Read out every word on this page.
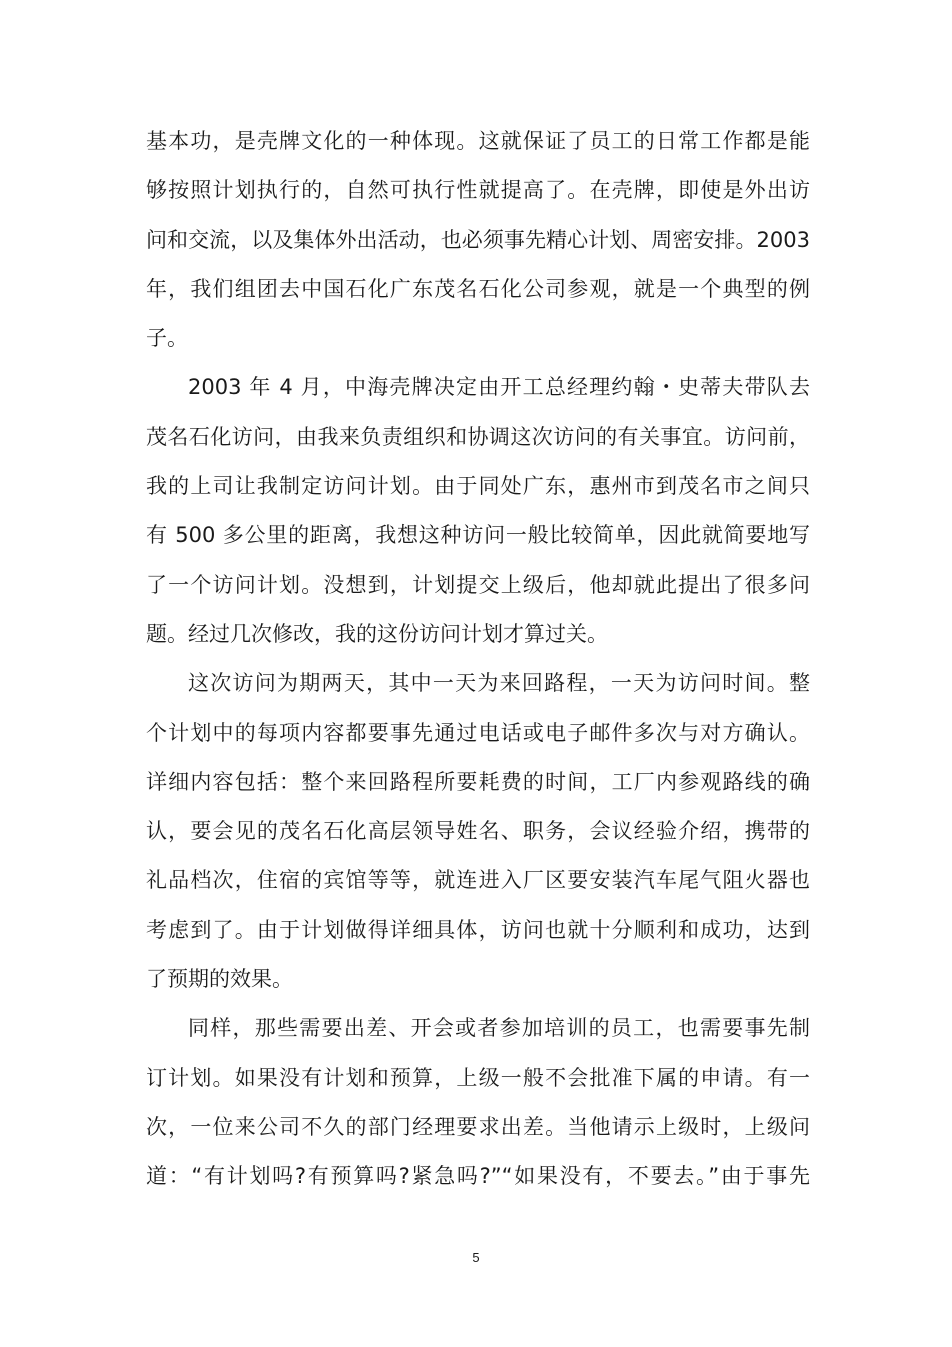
基本功，是壳牌文化的一种体现。这就保证了员工的日常工作都是能
够按照计划执行的，自然可执行性就提高了。在壳牌，即使是外出访
问和交流，以及集体外出活动，也必须事先精心计划、周密安排。2003
年，我们组团去中国石化广东茂名石化公司参观，就是一个典型的例
子。
2003 年 4 月，中海壳牌决定由开工总经理约翰・史蒂夫带队去
茂名石化访问，由我来负责组织和协调这次访问的有关事宜。访问前，
我的上司让我制定访问计划。由于同处广东，惠州市到茂名市之间只
有 500 多公里的距离，我想这种访问一般比较简单，因此就简要地写
了一个访问计划。没想到，计划提交上级后，他却就此提出了很多问
题。经过几次修改，我的这份访问计划才算过关。
这次访问为期两天，其中一天为来回路程，一天为访问时间。整
个计划中的每项内容都要事先通过电话或电子邮件多次与对方确认。
详细内容包括：整个来回路程所要耗费的时间，工厂内参观路线的确
认，要会见的茂名石化高层领导姓名、职务，会议经验介绍，携带的
礼品档次，住宿的宾馆等等，就连进入厂区要安装汽车尾气阻火器也
考虑到了。由于计划做得详细具体，访问也就十分顺利和成功，达到
了预期的效果。
同样，那些需要出差、开会或者参加培训的员工，也需要事先制
订计划。如果没有计划和预算，上级一般不会批准下属的申请。有一
次，一位来公司不久的部门经理要求出差。当他请示上级时，上级问
道：“有计划吗?有预算吗?紧急吗?”“如果没有，不要去。”由于事先
5
